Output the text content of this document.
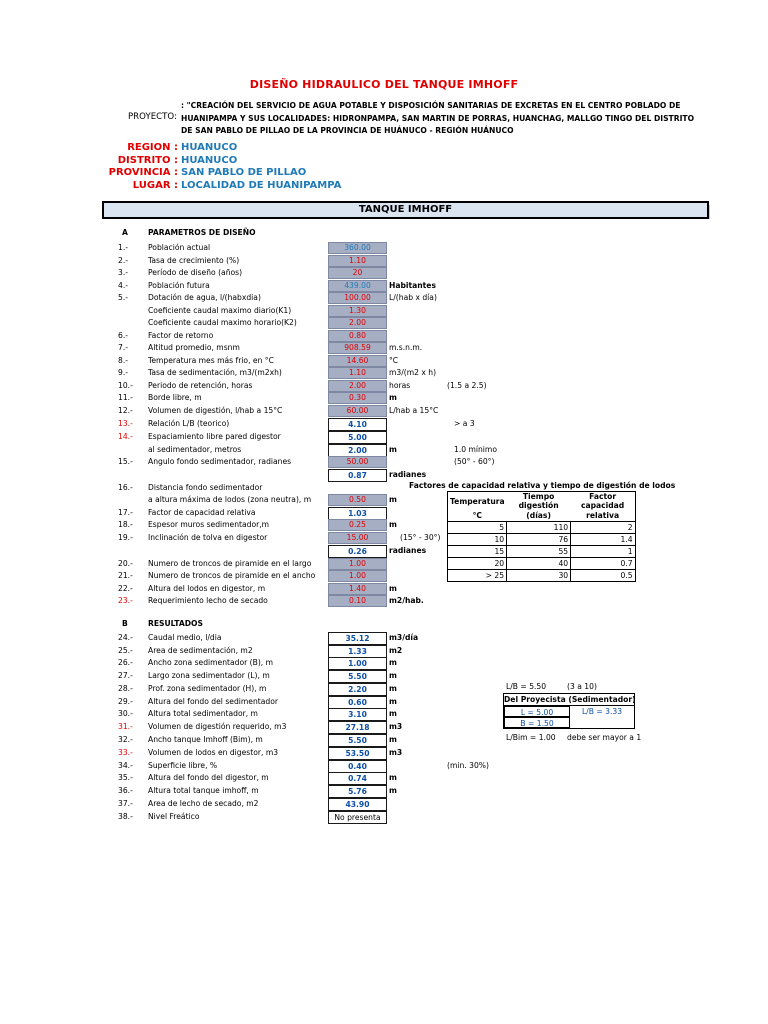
DISEÑO HIDRAULICO DEL TANQUE IMHOFF
PROYECTO:
: "CREACIÓN DEL SERVICIO DE AGUA POTABLE Y DISPOSICIÓN SANITARIAS DE EXCRETAS EN EL CENTRO POBLADO DE HUANIPAMPA Y SUS LOCALIDADES: HIDRONPAMPA, SAN MARTIN DE PORRAS, HUANCHAG, MALLGO TINGO DEL DISTRITO DE SAN PABLO DE PILLAO DE LA PROVINCIA DE HUÁNUCO - REGIÓN HUÁNUCO
REGION : HUANUCO
DISTRITO : HUANUCO
PROVINCIA : SAN PABLO DE PILLAO
LUGAR : LOCALIDAD DE HUANIPAMPA
TANQUE IMHOFF
A	PARAMETROS DE DISEÑO
1.-	Población actual	360.00
2.-	Tasa de crecimiento (%)	1.10
3.-	Período de diseño (años)	20
4.-	Población futura	439.00	Habitantes
5.-	Dotación de agua, l/(habxdia)	100.00	L/(hab x día)
Coeficiente caudal maximo diario(K1)	1.30
Coeficiente caudal maximo horario(K2)	2.00
6.-	Factor de retorno	0.80
7.-	Altitud promedio, msnm	908.59	m.s.n.m.
8.-	Temperatura mes más frio, en °C	14.60	°C
9.-	Tasa de sedimentación, m3/(m2xh)	1.10	m3/(m2 x h)
10.- Periodo de retención, horas	2.00	horas	(1.5 a 2.5)
11.- Borde libre, m	0.30	m
12.- Volumen de digestión, l/hab a 15°C	60.00	L/hab a 15°C
13.- Relación L/B (teorico)	4.10	> a 3
14.- Espaciamiento libre pared digestor	5.00
al sedimentador, metros	2.00	m	1.0 mínimo
15.- Angulo fondo sedimentador, radianes	50.00	(50° - 60°)
0.87	radianes
16.- Distancia fondo sedimentador
a altura máxima de lodos (zona neutra), m	0.50	m
17.- Factor de capacidad relativa	1.03
18.- Espesor muros sedimentador,m	0.25	m
19.- Inclinación de tolva en digestor	15.00	(15° - 30°)
0.26	radianes
20.- Numero de troncos de piramide en el largo	1.00
21.- Numero de troncos de piramide en el ancho	1.00
22.- Altura del lodos en digestor, m	1.40	m
23.- Requerimiento lecho de secado	0.10	m2/hab.
Factores de capacidad relativa y tiempo de digestión de lodos
Temperatura	Tiempo digestión	Factor capacidad
°C	(días)	relativa
5	110	2
10	76	1.4
15	55	1
20	40	0.7
> 25	30	0.5
B	RESULTADOS
24.- Caudal medio, l/dia	35.12	m3/día
25.- Area de sedimentación, m2	1.33	m2
26.- Ancho zona sedimentador (B), m	1.00	m
27.- Largo zona sedimentador (L), m	5.50	m
28.- Prof. zona sedimentador (H), m	2.20	m
29.- Altura del fondo del sedimentador	0.60	m
30.- Altura total sedimentador, m	3.10	m
31.- Volumen de digestión requerido, m3	27.18	m3
32.- Ancho tanque Imhoff (Bim), m	5.50	m
33.- Volumen de lodos en digestor, m3	53.50	m3
34.- Superficie libre, %	0.40	(min. 30%)
35.- Altura del fondo del digestor, m	0.74	m
36.- Altura total tanque imhoff, m	5.76	m
37.- Area de lecho de secado, m2	43.90
38.- Nivel Freático	No presenta
L/B = 5.50	(3 a 10)
Del Proyecista (Sedimentador)
L = 5.00	L/B = 3.33
B = 1.50
L/Bim = 1.00 debe ser mayor a 1
